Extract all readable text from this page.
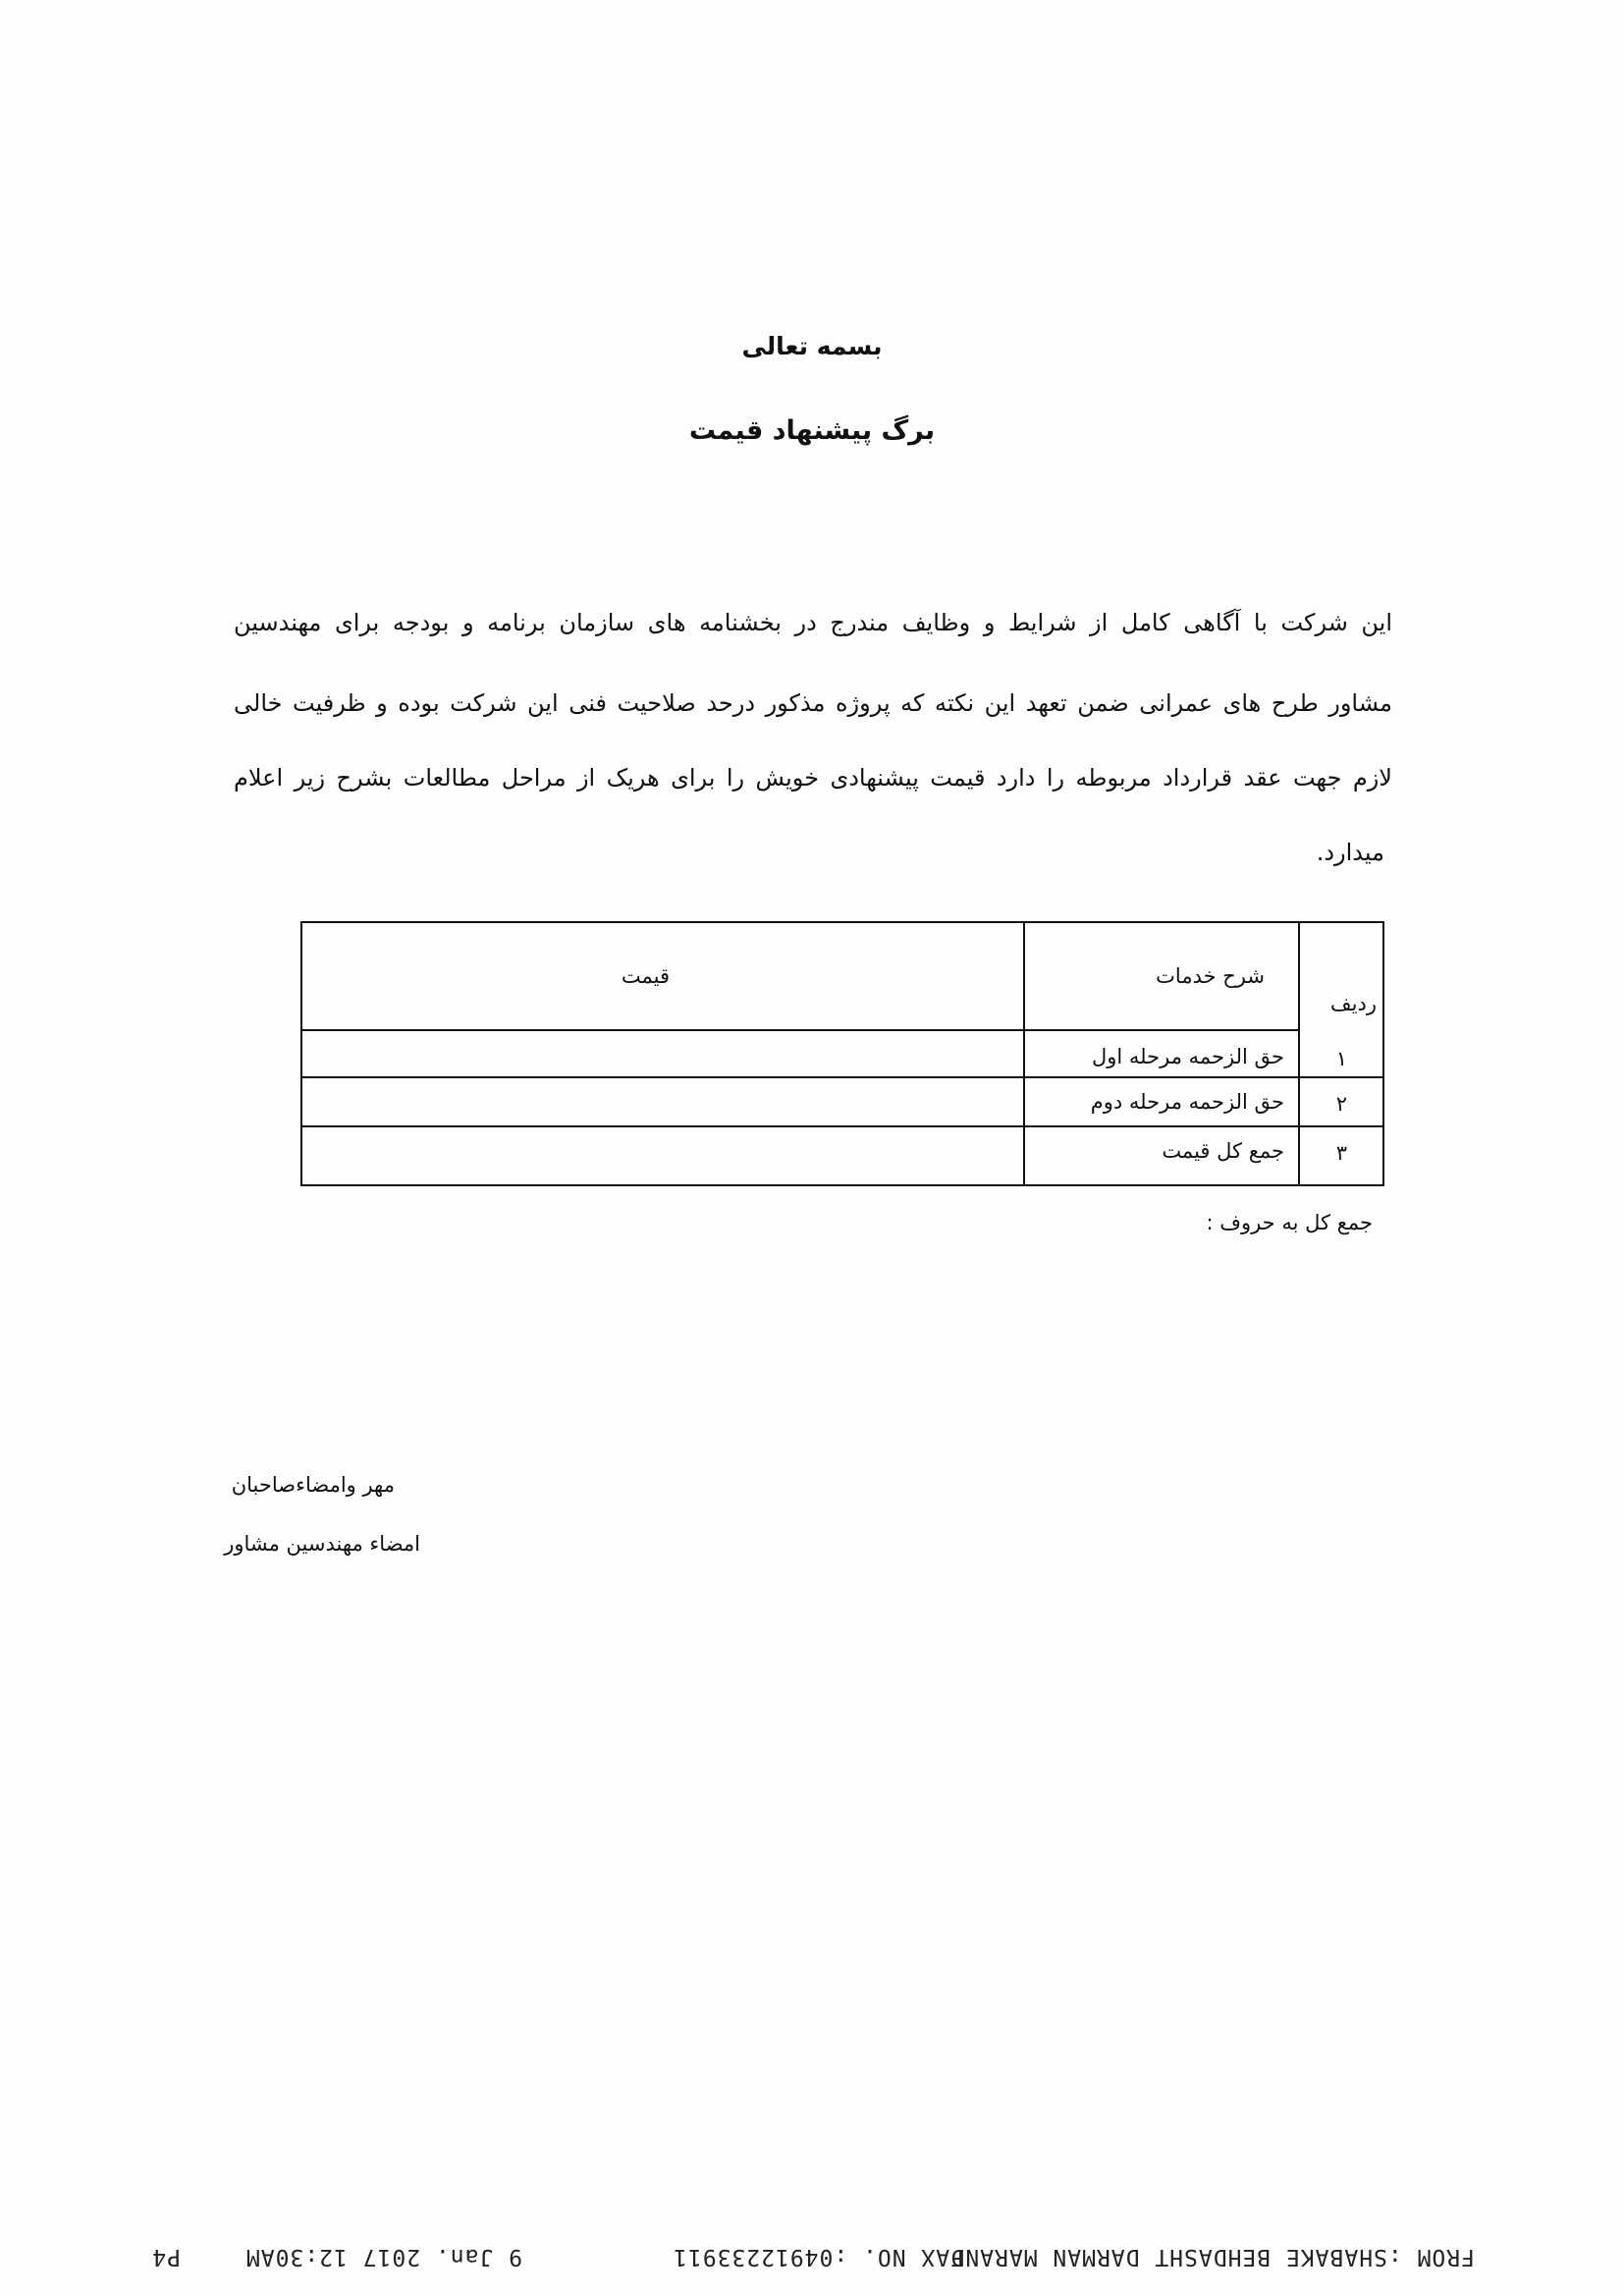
بسمه تعالی
برگ پیشنهاد قیمت
این شرکت با آگاهی کامل از شرایط و وظایف مندرج در بخشنامه های سازمان برنامه و بودجه برای مهندسین
مشاور طرح های عمرانی ضمن تعهد این نکته که پروژه مذکور درحد صلاحیت فنی این شرکت بوده و ظرفیت خالی
لازم جهت عقد قرارداد مربوطه را دارد قیمت پیشنهادی خویش را برای هریک از مراحل مطالعات بشرح زیر اعلام
میدارد.
ردیف
شرح خدمات
قیمت
۱
حق الزحمه مرحله اول
۲
حق الزحمه مرحله دوم
۳
جمع کل قیمت
جمع کل به حروف :
مهر وامضاءصاحبان
امضاء مهندسین مشاور
FROM :SHABAKE BEHDASHT DARMAN MARAND
FAX NO. :04912233911
9 Jan. 2017 12:30AM
P4
